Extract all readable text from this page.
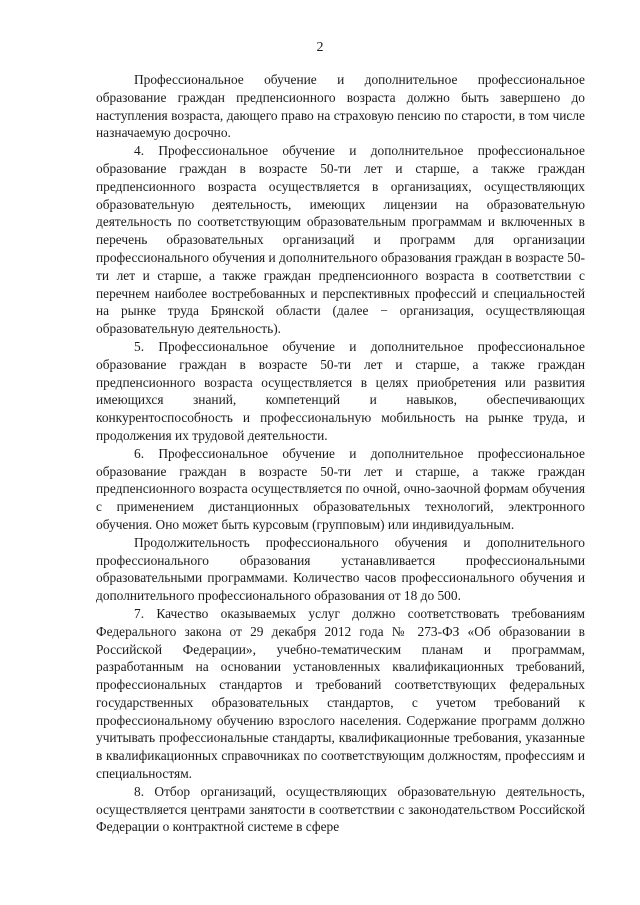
2

Профессиональное обучение и дополнительное профессиональное образование граждан предпенсионного возраста должно быть завершено до наступления возраста, дающего право на страховую пенсию по старости, в том числе назначаемую досрочно.

4. Профессиональное обучение и дополнительное профессиональное образование граждан в возрасте 50-ти лет и старше, а также граждан предпенсионного возраста осуществляется в организациях, осуществляющих образовательную деятельность, имеющих лицензии на образовательную деятельность по соответствующим образовательным программам и включенных в перечень образовательных организаций и программ для организации профессионального обучения и дополнительного образования граждан в возрасте 50-ти лет и старше, а также граждан предпенсионного возраста в соответствии с перечнем наиболее востребованных и перспективных профессий и специальностей на рынке труда Брянской области (далее − организация, осуществляющая образовательную деятельность).

5. Профессиональное обучение и дополнительное профессиональное образование граждан в возрасте 50-ти лет и старше, а также граждан предпенсионного возраста осуществляется в целях приобретения или развития имеющихся знаний, компетенций и навыков, обеспечивающих конкурентоспособность и профессиональную мобильность на рынке труда, и продолжения их трудовой деятельности.

6. Профессиональное обучение и дополнительное профессиональное образование граждан в возрасте 50-ти лет и старше, а также граждан предпенсионного возраста осуществляется по очной, очно-заочной формам обучения с применением дистанционных образовательных технологий, электронного обучения. Оно может быть курсовым (групповым) или индивидуальным.

Продолжительность профессионального обучения и дополнительного профессионального образования устанавливается профессиональными образовательными программами. Количество часов профессионального обучения и дополнительного профессионального образования от 18 до 500.

7. Качество оказываемых услуг должно соответствовать требованиям Федерального закона от 29 декабря 2012 года № 273-ФЗ «Об образовании в Российской Федерации», учебно-тематическим планам и программам, разработанным на основании установленных квалификационных требований, профессиональных стандартов и требований соответствующих федеральных государственных образовательных стандартов, с учетом требований к профессиональному обучению взрослого населения. Содержание программ должно учитывать профессиональные стандарты, квалификационные требования, указанные в квалификационных справочниках по соответствующим должностям, профессиям и специальностям.

8. Отбор организаций, осуществляющих образовательную деятельность, осуществляется центрами занятости в соответствии с законодательством Российской Федерации о контрактной системе в сфере
